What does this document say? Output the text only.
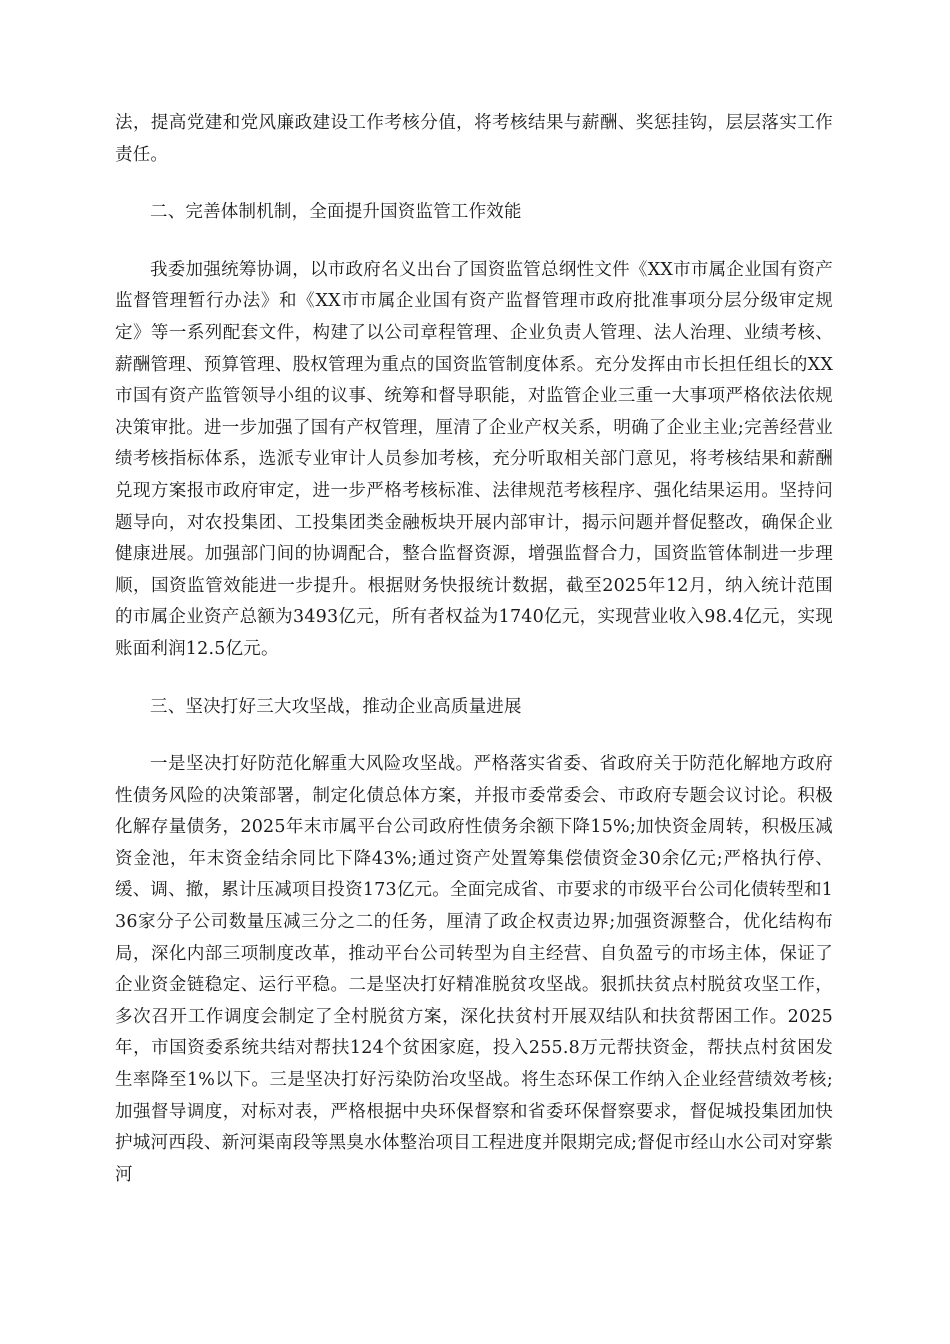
法，提高党建和党风廉政建设工作考核分值，将考核结果与薪酬、奖惩挂钩，层层落实工作责任。

二、完善体制机制，全面提升国资监管工作效能

我委加强统筹协调，以市政府名义出台了国资监管总纲性文件《XX市市属企业国有资产监督管理暂行办法》和《XX市市属企业国有资产监督管理市政府批准事项分层分级审定规定》等一系列配套文件，构建了以公司章程管理、企业负责人管理、法人治理、业绩考核、薪酬管理、预算管理、股权管理为重点的国资监管制度体系。充分发挥由市长担任组长的XX市国有资产监管领导小组的议事、统筹和督导职能，对监管企业三重一大事项严格依法依规决策审批。进一步加强了国有产权管理，厘清了企业产权关系，明确了企业主业;完善经营业绩考核指标体系，选派专业审计人员参加考核，充分听取相关部门意见，将考核结果和薪酬兑现方案报市政府审定，进一步严格考核标准、法律规范考核程序、强化结果运用。坚持问题导向，对农投集团、工投集团类金融板块开展内部审计，揭示问题并督促整改，确保企业健康进展。加强部门间的协调配合，整合监督资源，增强监督合力，国资监管体制进一步理顺，国资监管效能进一步提升。根据财务快报统计数据，截至2025年12月，纳入统计范围的市属企业资产总额为3493亿元，所有者权益为1740亿元，实现营业收入98.4亿元，实现账面利润12.5亿元。

三、坚决打好三大攻坚战，推动企业高质量进展

一是坚决打好防范化解重大风险攻坚战。严格落实省委、省政府关于防范化解地方政府性债务风险的决策部署，制定化债总体方案，并报市委常委会、市政府专题会议讨论。积极化解存量债务，2025年末市属平台公司政府性债务余额下降15%;加快资金周转，积极压减资金池，年末资金结余同比下降43%;通过资产处置筹集偿债资金30余亿元;严格执行停、缓、调、撤，累计压减项目投资173亿元。全面完成省、市要求的市级平台公司化债转型和136家分子公司数量压减三分之二的任务，厘清了政企权责边界;加强资源整合，优化结构布局，深化内部三项制度改革，推动平台公司转型为自主经营、自负盈亏的市场主体，保证了企业资金链稳定、运行平稳。二是坚决打好精准脱贫攻坚战。狠抓扶贫点村脱贫攻坚工作，多次召开工作调度会制定了全村脱贫方案，深化扶贫村开展双结队和扶贫帮困工作。2025年，市国资委系统共结对帮扶124个贫困家庭，投入255.8万元帮扶资金，帮扶点村贫困发生率降至1%以下。三是坚决打好污染防治攻坚战。将生态环保工作纳入企业经营绩效考核;加强督导调度，对标对表，严格根据中央环保督察和省委环保督察要求，督促城投集团加快护城河西段、新河渠南段等黑臭水体整治项目工程进度并限期完成;督促市经山水公司对穿紫河
